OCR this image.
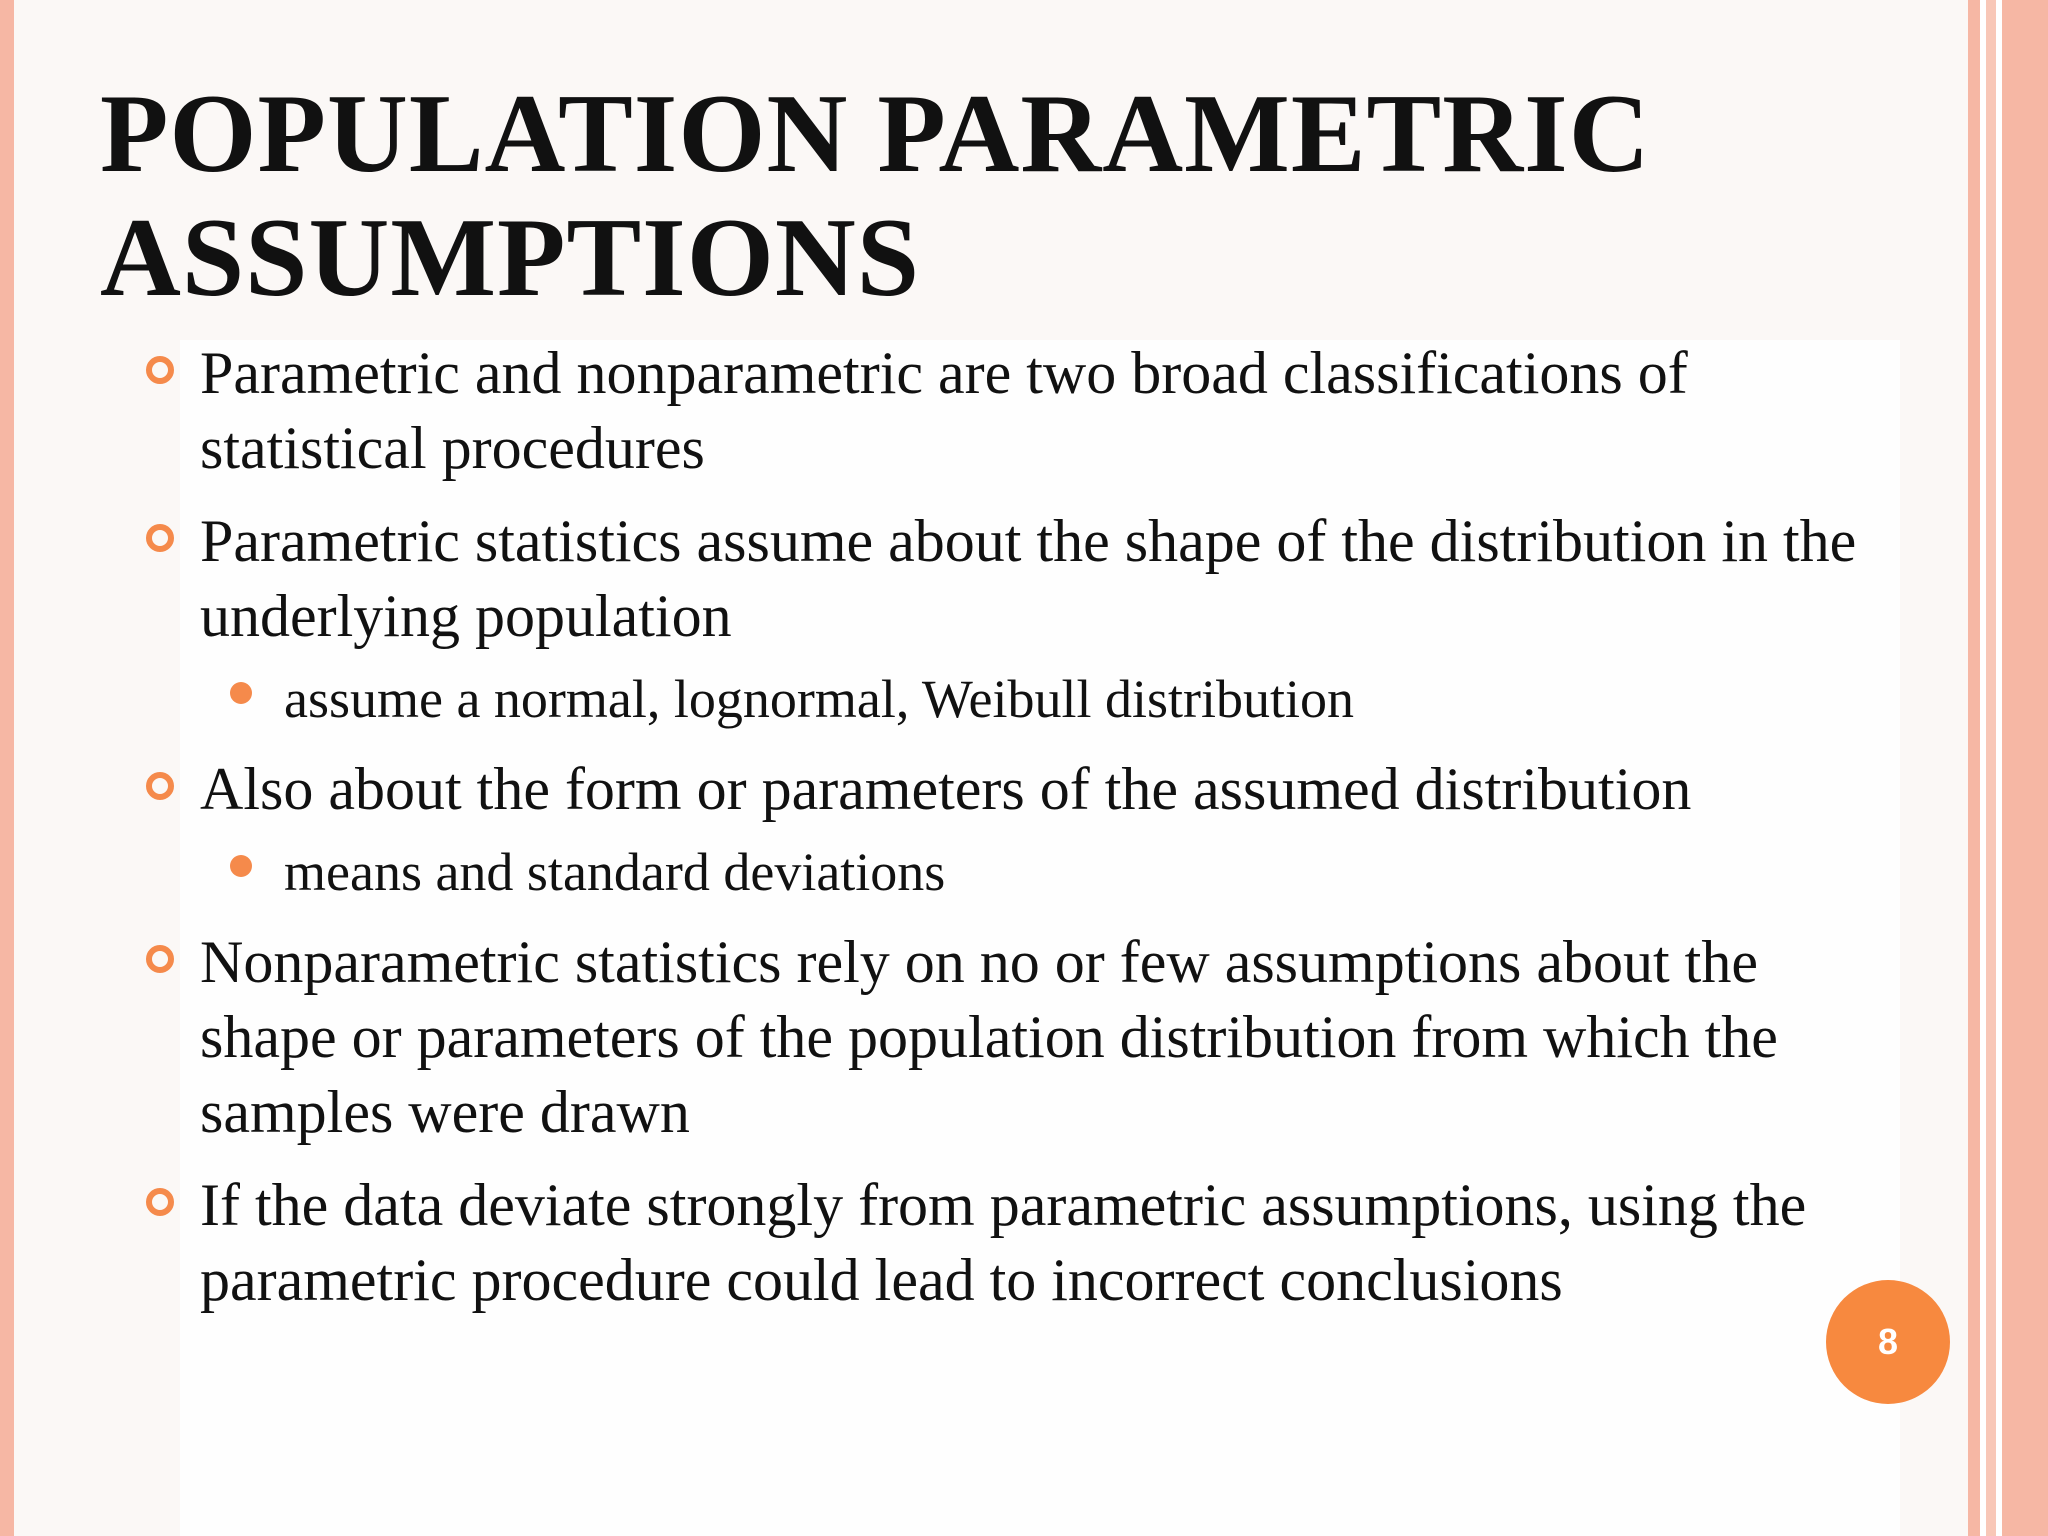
POPULATION PARAMETRIC
ASSUMPTIONS
Parametric and nonparametric are two broad classifications of statistical procedures
Parametric statistics assume about the shape of the distribution in the underlying population
assume a normal, lognormal, Weibull distribution
Also about the form or parameters of the assumed distribution
means and standard deviations
Nonparametric statistics rely on no or few assumptions about the shape or parameters of the population distribution from which the samples were drawn
If the data deviate strongly from parametric assumptions, using the parametric procedure could lead to incorrect conclusions
8
